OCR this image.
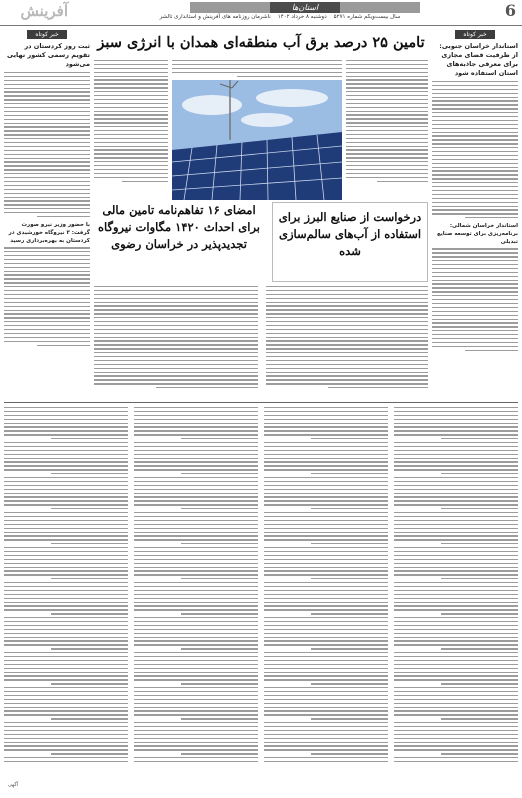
آفرینش	استان‌ها
سال بیست‌ویکم شماره ۵۲۷۱    دوشنبه ۸ خرداد ۱۴۰۲    ناشرمان روزنامه های آفرینش و استانداری تالشر	6
خبر کوتاه
استاندار خراسان جنوبی: از ظرفیت فضای مجازی برای معرفی جاذبه‌های استان استفاده شود
استاندار خراسان شمالی: برنامه‌ریزی برای توسعه صنایع تبدیلی
خبر کوتاه
ثبت روز کردستان در تقویم رسمی کشور نهایی می‌شود
با حضور وزیر نیرو صورت گرفت: ۳ نیروگاه خورشیدی در کردستان به بهره‌برداری رسید
تامین ۲۵ درصد برق آب منطقه‌ای همدان با انرژی سبز
امضای ۱۶ تفاهم‌نامه تامین مالی برای احداث ۱۴۲۰ مگاوات نیروگاه تجدیدپذیر در خراسان رضوی
درخواست از صنایع البرز برای استفاده از آب‌های سالم‌سازی شده
آگهی
